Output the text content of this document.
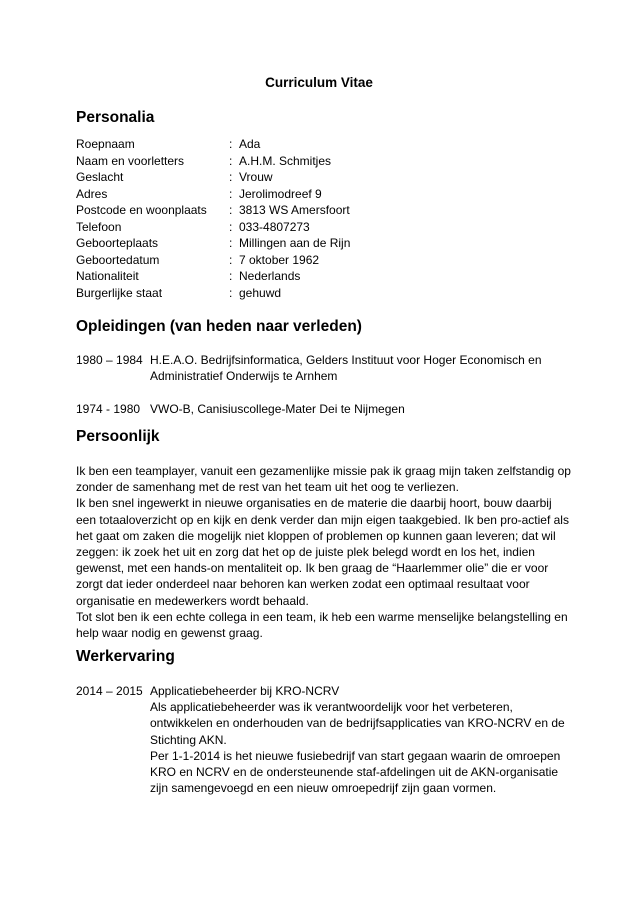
Curriculum Vitae
Personalia
Roepnaam	: Ada
Naam en voorletters	: A.H.M. Schmitjes
Geslacht	: Vrouw
Adres	: Jerolimodreef 9
Postcode en woonplaats : 3813 WS Amersfoort
Telefoon	: 033-4807273
Geboorteplaats	: Millingen aan de Rijn
Geboortedatum	: 7 oktober 1962
Nationaliteit	: Nederlands
Burgerlijke staat	: gehuwd
Opleidingen (van heden naar verleden)
1980 – 1984 H.E.A.O. Bedrijfsinformatica, Gelders Instituut voor Hoger Economisch en
Administratief Onderwijs te Arnhem
1974 - 1980 VWO-B, Canisiuscollege-Mater Dei te Nijmegen
Persoonlijk
Ik ben een teamplayer, vanuit een gezamenlijke missie pak ik graag mijn taken zelfstandig op
zonder de samenhang met de rest van het team uit het oog te verliezen.
Ik ben snel ingewerkt in nieuwe organisaties en de materie die daarbij hoort, bouw daarbij
een totaaloverzicht op en kijk en denk verder dan mijn eigen taakgebied. Ik ben pro-actief als
het gaat om zaken die mogelijk niet kloppen of problemen op kunnen gaan leveren; dat wil
zeggen: ik zoek het uit en zorg dat het op de juiste plek belegd wordt en los het, indien
gewenst, met een hands-on mentaliteit op. Ik ben graag de “Haarlemmer olie” die er voor
zorgt dat ieder onderdeel naar behoren kan werken zodat een optimaal resultaat voor
organisatie en medewerkers wordt behaald.
Tot slot ben ik een echte collega in een team, ik heb een warme menselijke belangstelling en
help waar nodig en gewenst graag.
Werkervaring
2014 – 2015 Applicatiebeheerder bij KRO-NCRV
Als applicatiebeheerder was ik verantwoordelijk voor het verbeteren,
ontwikkelen en onderhouden van de bedrijfsapplicaties van KRO-NCRV en de
Stichting AKN.
Per 1-1-2014 is het nieuwe fusiebedrijf van start gegaan waarin de omroepen
KRO en NCRV en de ondersteunende staf-afdelingen uit de AKN-organisatie
zijn samengevoegd en een nieuw omroepedrijf zijn gaan vormen.
